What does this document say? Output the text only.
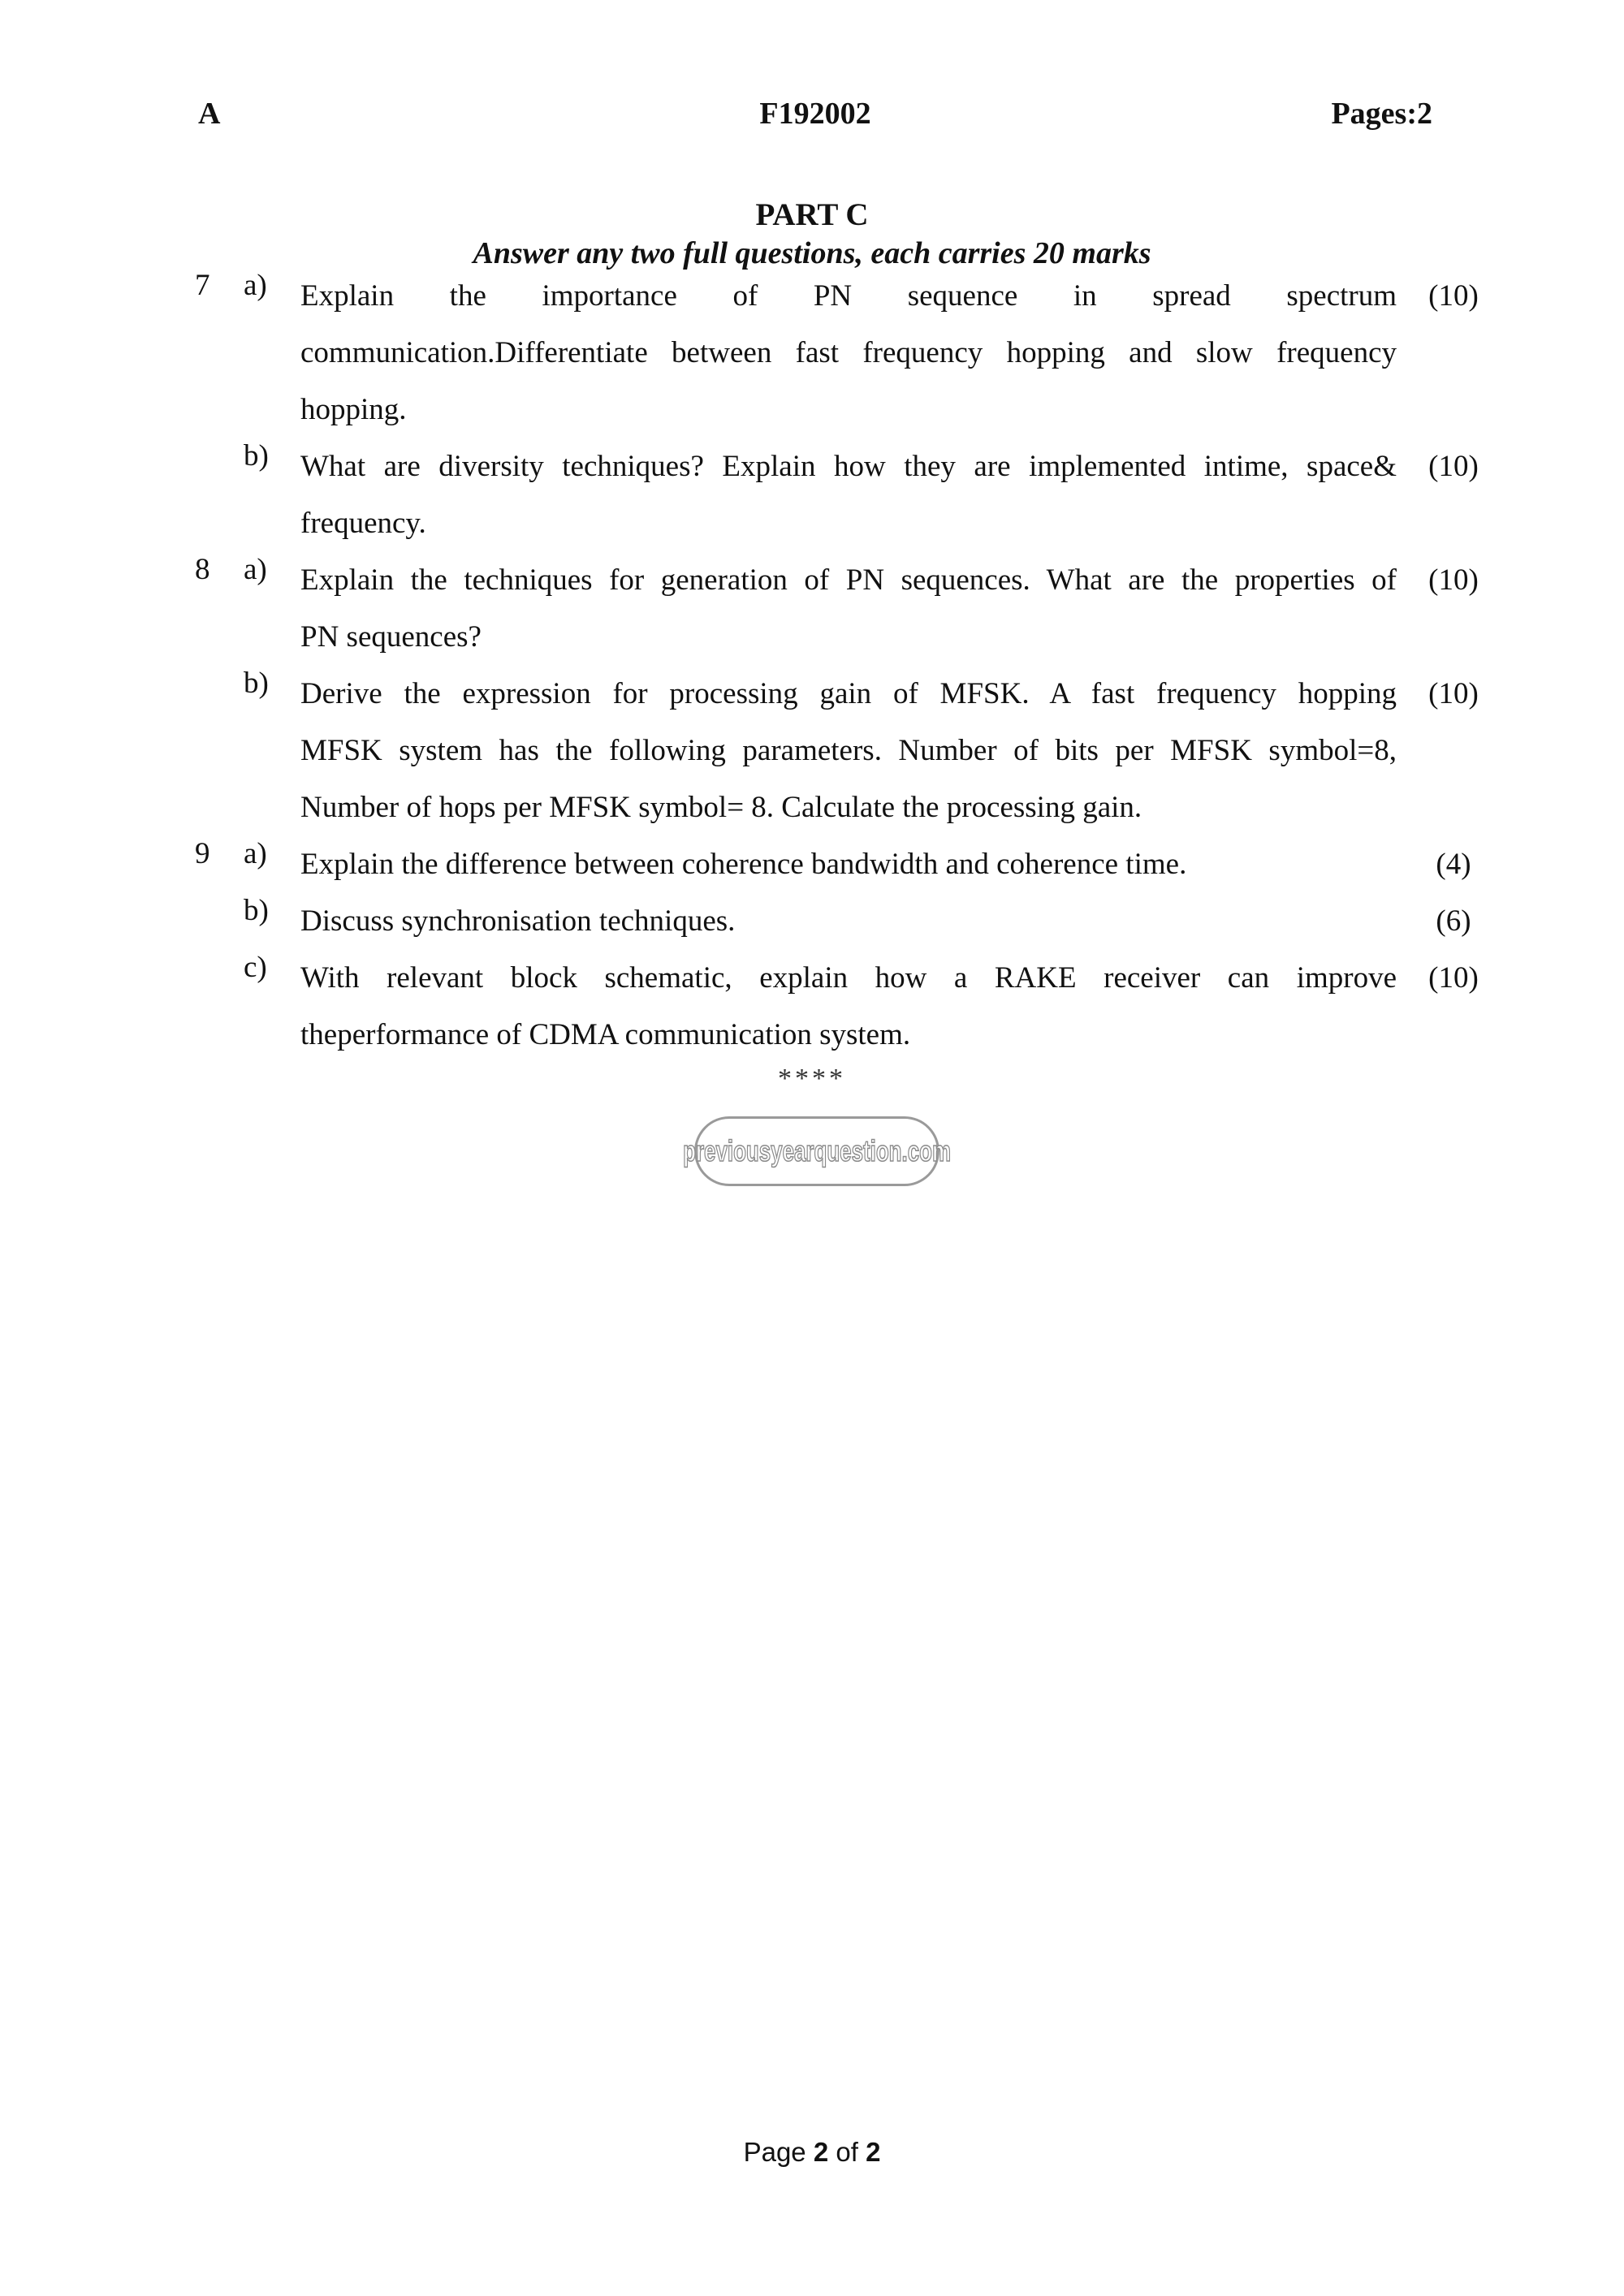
A	F192002	Pages:2
PART C
Answer any two full questions, each carries 20 marks
7	a)	Explain the importance of PN sequence in spread spectrum
communication.Differentiate between fast frequency hopping and slow frequency
hopping.
(10)
b)	What are diversity techniques? Explain how they are implemented intime, space&
frequency.
(10)
8	a)	Explain the techniques for generation of PN sequences. What are the properties of
PN sequences?
(10)
b)	Derive the expression for processing gain of MFSK. A fast frequency hopping
MFSK system has the following parameters. Number of bits per MFSK symbol=8,
Number of hops per MFSK symbol= 8. Calculate the processing gain.
(10)
9	a)	Explain the difference between coherence bandwidth and coherence time.	(4)
b)	Discuss synchronisation techniques.	(6)
c)	With relevant block schematic, explain how a RAKE receiver can improve
theperformance of CDMA communication system.
(10)
****
previousyearquestion.com
Page 2 of 2
